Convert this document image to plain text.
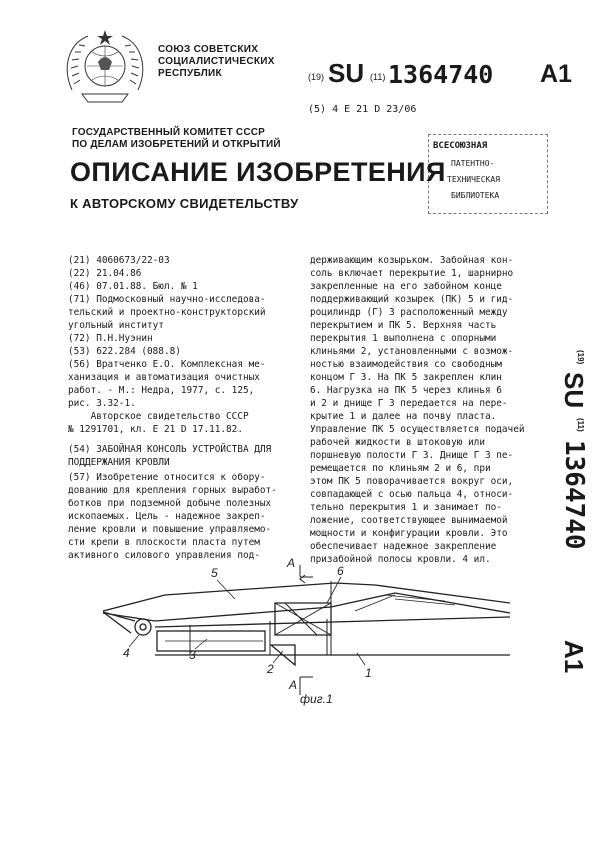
СОЮЗ СОВЕТСКИХ
СОЦИАЛИСТИЧЕСКИХ
РЕСПУБЛИК	(19) SU (11) 1364740 A1
(5) 4 E 21 D 23/06
ГОСУДАРСТВЕННЫЙ КОМИТЕТ СССР
ПО ДЕЛАМ ИЗОБРЕТЕНИЙ И ОТКРЫТИЙ	ВСЕСОЮЗНАЯ
ПАТЕНТНО-
ТЕХНИЧЕСКАЯ
БИБЛИОТЕКА
ОПИСАНИЕ ИЗОБРЕТЕНИЯ
К АВТОРСКОМУ СВИДЕТЕЛЬСТВУ
(21) 4060673/22-03
(22) 21.04.86
(46) 07.01.88. Бюл. № 1
(71) Подмосковный научно-исследова-
тельский и проектно-конструкторский
угольный институт
(72) П.Н.Нуэнин
(53) 622.284 (088.8)
(56) Вратченко Е.О. Комплексная ме-
ханизация и автоматизация очистных
работ. - М.: Недра, 1977, с. 125,
рис. 3.32-1.
Авторское свидетельство СССР
№ 1291701, кл. Е 21 D 17.11.82.
(54) ЗАБОЙНАЯ КОНСОЛЬ УСТРОЙСТВА ДЛЯ
ПОДДЕРЖАНИЯ КРОВЛИ
(57) Изобретение относится к обору-
дованию для крепления горных выработ-
ботков при подземной добыче полезных
ископаемых. Цель - надежное закреп-
ление кровли и повышение управляемо-
сти крепи в плоскости пласта путем
активного силового управления под-
держивающим козырьком. Забойная кон-
соль включает перекрытие 1, шарнирно
закрепленные на его забойном конце
поддерживающий козырек (ПК) 5 и гид-
роцилиндр (Г) 3 расположенный между
перекрытием и ПК 5. Верхняя часть
перекрытия 1 выполнена с опорными
клиньями 2, установленными с возмож-
ностью взаимодействия со свободным
концом Г 3. На ПК 5 закреплен клин
6. Нагрузка на ПК 5 через клинья 6
и 2 и днище Г 3 передается на пере-
крытие 1 и далее на почву пласта.
Управление ПК 5 осуществляется подачей
рабочей жидкости в штоковую или
поршневую полости Г 3. Днище Г 3 пе-
ремещается по клиньям 2 и 6, при
этом ПК 5 поворачивается вокруг оси,
совпадающей с осью пальца 4, относи-
тельно перекрытия 1 и занимает по-
ложение, соответствующее вынимаемой
мощности и конфигурации кровли. Это
обеспечивает надежное закрепление
призабойной полосы кровли. 4 ил.
(19)
SU
(11)
1364740
A1
5	6
4	3
2	1
A
A
фиг.1
